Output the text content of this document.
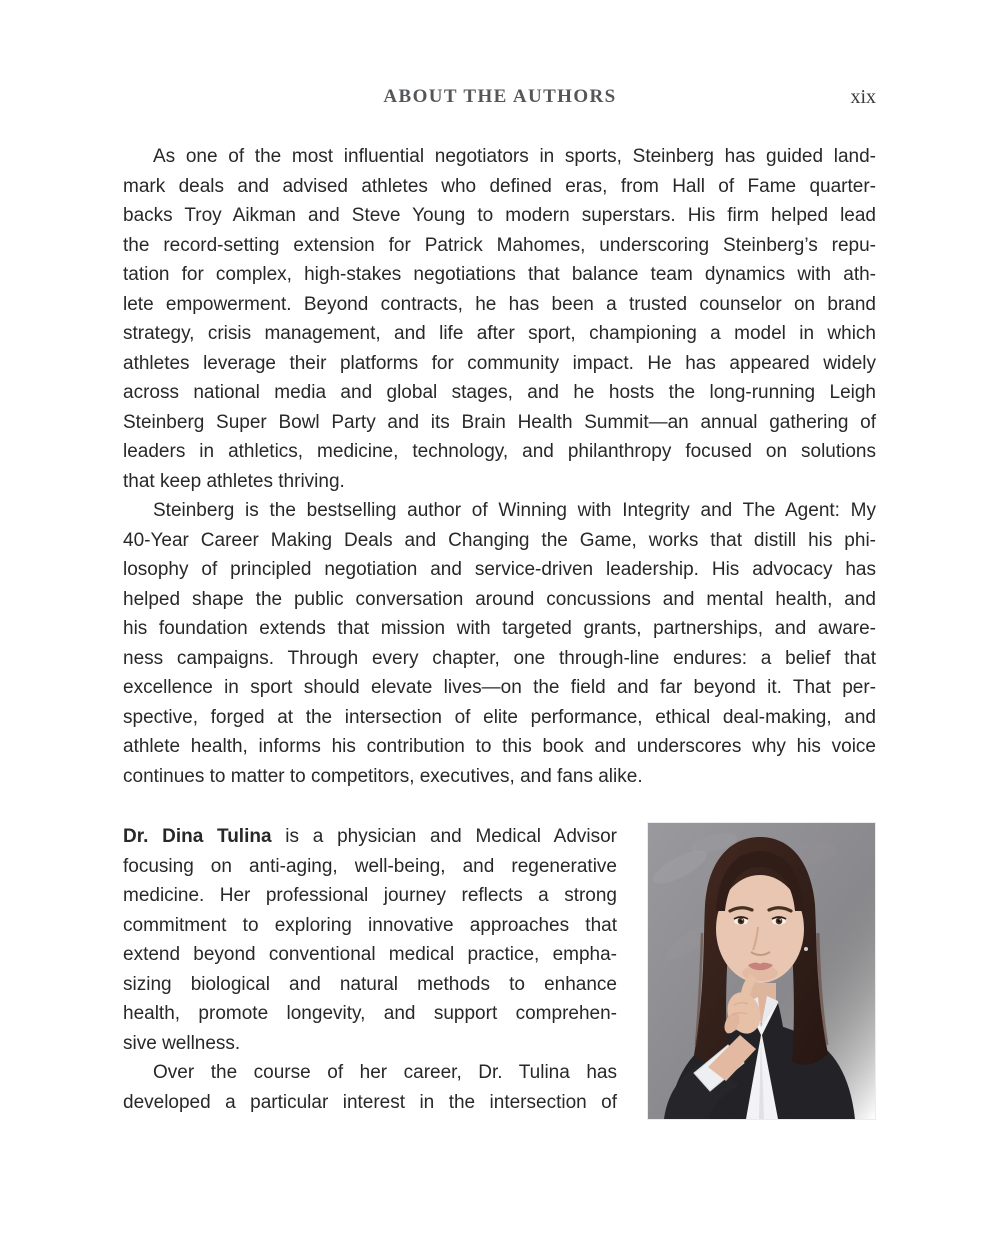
ABOUT THE AUTHORS	xix
As one of the most influential negotiators in sports, Steinberg has guided land-
mark deals and advised athletes who defined eras, from Hall of Fame quarter-
backs Troy Aikman and Steve Young to modern superstars. His firm helped lead
the record-setting extension for Patrick Mahomes, underscoring Steinberg’s repu-
tation for complex, high-stakes negotiations that balance team dynamics with ath-
lete empowerment. Beyond contracts, he has been a trusted counselor on brand
strategy, crisis management, and life after sport, championing a model in which
athletes leverage their platforms for community impact. He has appeared widely
across national media and global stages, and he hosts the long-running Leigh
Steinberg Super Bowl Party and its Brain Health Summit—an annual gathering of
leaders in athletics, medicine, technology, and philanthropy focused on solutions
that keep athletes thriving.
Steinberg is the bestselling author of Winning with Integrity and The Agent: My
40-Year Career Making Deals and Changing the Game, works that distill his phi-
losophy of principled negotiation and service-driven leadership. His advocacy has
helped shape the public conversation around concussions and mental health, and
his foundation extends that mission with targeted grants, partnerships, and aware-
ness campaigns. Through every chapter, one through-line endures: a belief that
excellence in sport should elevate lives—on the field and far beyond it. That per-
spective, forged at the intersection of elite performance, ethical deal-making, and
athlete health, informs his contribution to this book and underscores why his voice
continues to matter to competitors, executives, and fans alike.
Dr. Dina Tulina is a physician and Medical Advisor
focusing on anti-aging, well-being, and regenerative
medicine. Her professional journey reflects a strong
commitment to exploring innovative approaches that
extend beyond conventional medical practice, empha-
sizing biological and natural methods to enhance
health, promote longevity, and support comprehen-
sive wellness.
Over the course of her career, Dr. Tulina has
developed a particular interest in the intersection of
